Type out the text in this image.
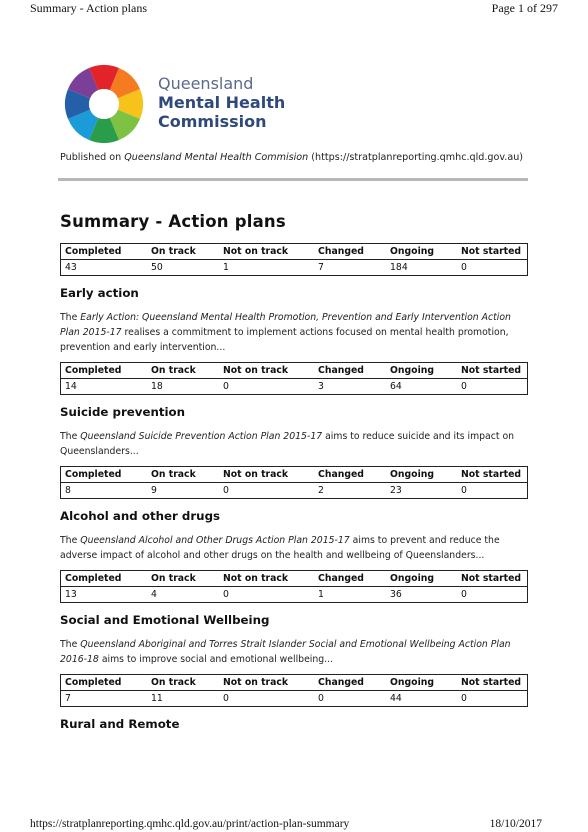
Summary - Action plans	Page 1 of 297
Queensland
Mental Health
Commission
Published on Queensland Mental Health Commision (https://stratplanreporting.qmhc.qld.gov.au)
Summary - Action plans
Completed	On track	Not on track	Changed	Ongoing	Not started
43	50	1	7	184	0
Early action

The Early Action: Queensland Mental Health Promotion, Prevention and Early Intervention Action Plan 2015-17 realises a commitment to implement actions focused on mental health promotion, prevention and early intervention...

Completed	On track	Not on track	Changed	Ongoing	Not started
14	18	0	3	64	0
Suicide prevention

The Queensland Suicide Prevention Action Plan 2015-17 aims to reduce suicide and its impact on Queenslanders...

Completed	On track	Not on track	Changed	Ongoing	Not started
8	9	0	2	23	0
Alcohol and other drugs

The Queensland Alcohol and Other Drugs Action Plan 2015-17 aims to prevent and reduce the adverse impact of alcohol and other drugs on the health and wellbeing of Queenslanders...

Completed	On track	Not on track	Changed	Ongoing	Not started
13	4	0	1	36	0
Social and Emotional Wellbeing

The Queensland Aboriginal and Torres Strait Islander Social and Emotional Wellbeing Action Plan 2016-18 aims to improve social and emotional wellbeing...

Completed	On track	Not on track	Changed	Ongoing	Not started
7	11	0	0	44	0
Rural and Remote
https://stratplanreporting.qmhc.qld.gov.au/print/action-plan-summary	18/10/2017
